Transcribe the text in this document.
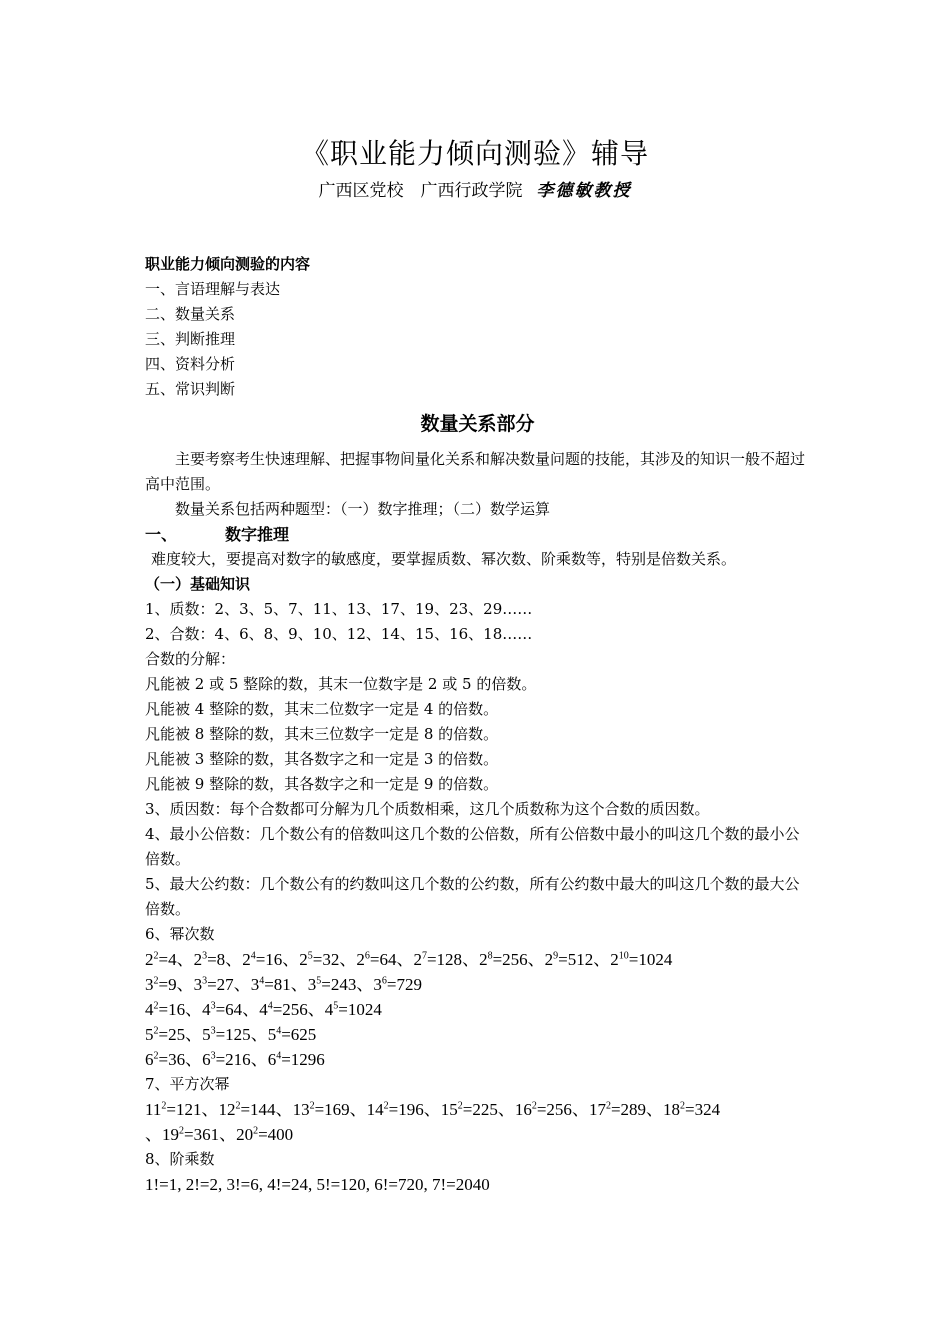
《职业能力倾向测验》辅导
广西区党校　广西行政学院 李德敏教授
职业能力倾向测验的内容
一、言语理解与表达
二、数量关系
三、判断推理
四、资料分析
五、常识判断
数量关系部分
主要考察考生快速理解、把握事物间量化关系和解决数量问题的技能，其涉及的知识一般不超过高中范围。
数量关系包括两种题型：（一）数字推理；（二）数学运算
一、	数字推理
难度较大，要提高对数字的敏感度，要掌握质数、幂次数、阶乘数等，特别是倍数关系。
（一）基础知识
1、质数：2、3、5、7、11、13、17、19、23、29……
2、合数：4、6、8、9、10、12、14、15、16、18……
合数的分解：
凡能被 2 或 5 整除的数，其末一位数字是 2 或 5 的倍数。
凡能被 4 整除的数，其末二位数字一定是 4 的倍数。
凡能被 8 整除的数，其末三位数字一定是 8 的倍数。
凡能被 3 整除的数，其各数字之和一定是 3 的倍数。
凡能被 9 整除的数，其各数字之和一定是 9 的倍数。
3、质因数：每个合数都可分解为几个质数相乘，这几个质数称为这个合数的质因数。
4、最小公倍数：几个数公有的倍数叫这几个数的公倍数，所有公倍数中最小的叫这几个数的最小公倍数。
5、最大公约数：几个数公有的约数叫这几个数的公约数，所有公约数中最大的叫这几个数的最大公倍数。
6、幂次数
$2^2=4$、$2^3=8$、$2^4=16$、$2^5=32$、$2^6=64$、$2^7=128$、$2^8=256$、$2^9=512$、$2^{10}=1024$
$3^2=9$、$3^3=27$、$3^4=81$、$3^5=243$、$3^6=729$
$4^2=16$、$4^3=64$、$4^4=256$、$4^5=1024$
$5^2=25$、$5^3=125$、$5^4=625$
$6^2=36$、$6^3=216$、$6^4=1296$
7、平方次幂
$11^2=121$、$12^2=144$、$13^2=169$、$14^2=196$、$15^2=225$、$16^2=256$、$17^2=289$、$18^2=324$
、$19^2=361$、$20^2=400$
8、阶乘数
1!=1, 2!=2, 3!=6, 4!=24, 5!=120, 6!=720, 7!=2040
